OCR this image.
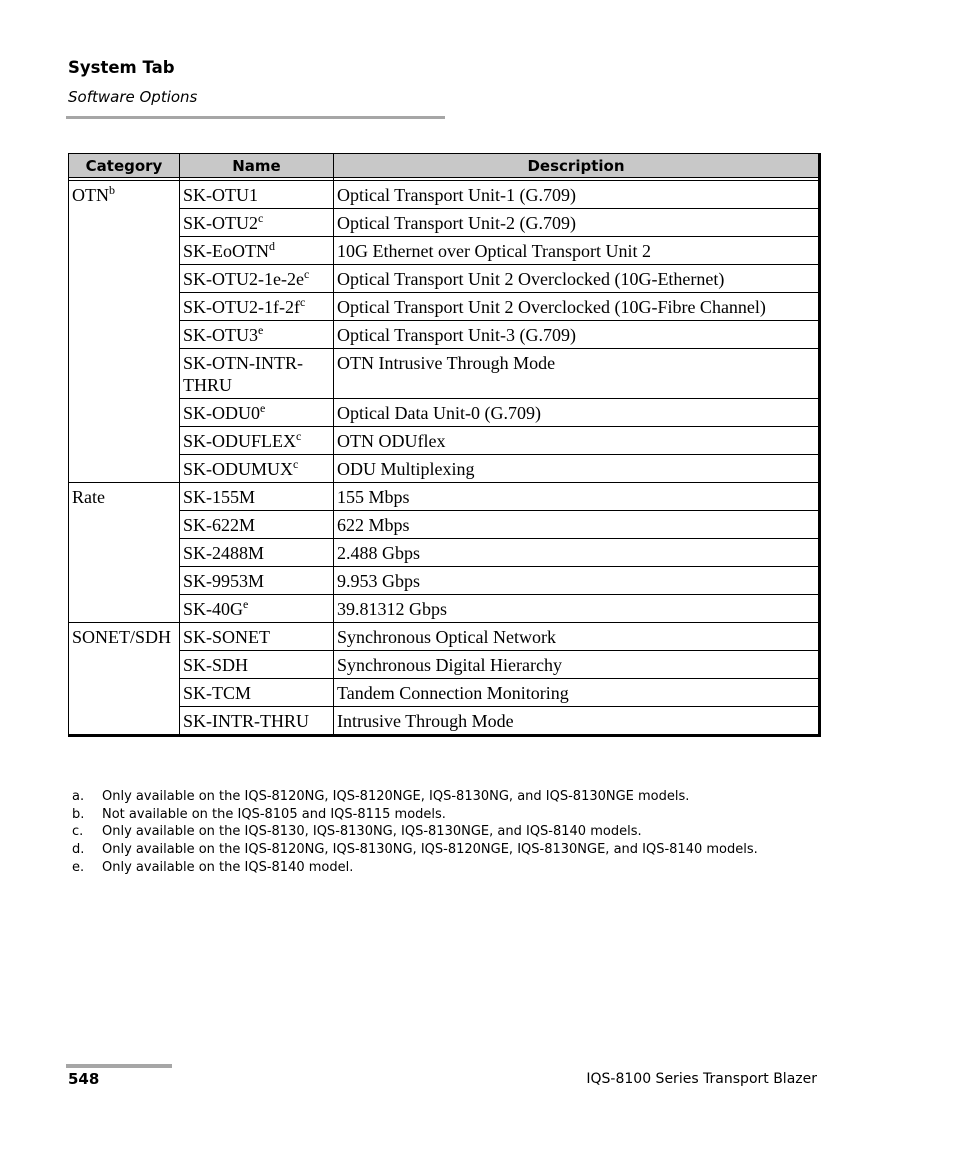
System Tab
Software Options
Category	Name	Description

OTN$^b$	SK-OTU1	Optical Transport Unit-1 (G.709)
	SK-OTU2$^c$	Optical Transport Unit-2 (G.709)
	SK-EoOTN$^d$	10G Ethernet over Optical Transport Unit 2
	$SK-OTU2-1e-2e^c$	Optical Transport Unit 2 Overclocked (10G-Ethernet)
	$SK-OTU2-1f-2f^c$	Optical Transport Unit 2 Overclocked (10G-Fibre Channel)
	SK-OTU3e	Optical Transport Unit-3 (G.709)
	SK-OTN-INTR-THRU	OTN Intrusive Through Mode
	SK-ODU0e	Optical Data Unit-0 (G.709)
	SK-ODUFLEX$^c$	OTN ODUflex
	SK-ODUMUX$^c$	ODU Multiplexing
Rate	SK-155M	155 Mbps
	SK-622M	622 Mbps
	SK-2488M	2.488 Gbps
	SK-9953M	9.953 Gbps
	$SK-40G^e$	39.81312 Gbps
SONET/SDH	SK-SONET	Synchronous Optical Network
	SK-SDH	Synchronous Digital Hierarchy
	SK-TCM	Tandem Connection Monitoring
	SK-INTR-THRU	Intrusive Through Mode
a. Only available on the IQS-8120NG, IQS-8120NGE, IQS-8130NG, and IQS-8130NGE models.
b. Not available on the IQS-8105 and IQS-8115 models.
c. Only available on the IQS-8130, IQS-8130NG, IQS-8130NGE, and IQS-8140 models.
d. Only available on the IQS-8120NG, IQS-8130NG, IQS-8120NGE, IQS-8130NGE, and IQS-8140 models.
e. Only available on the IQS-8140 model.
548	IQS-8100 Series Transport Blazer
